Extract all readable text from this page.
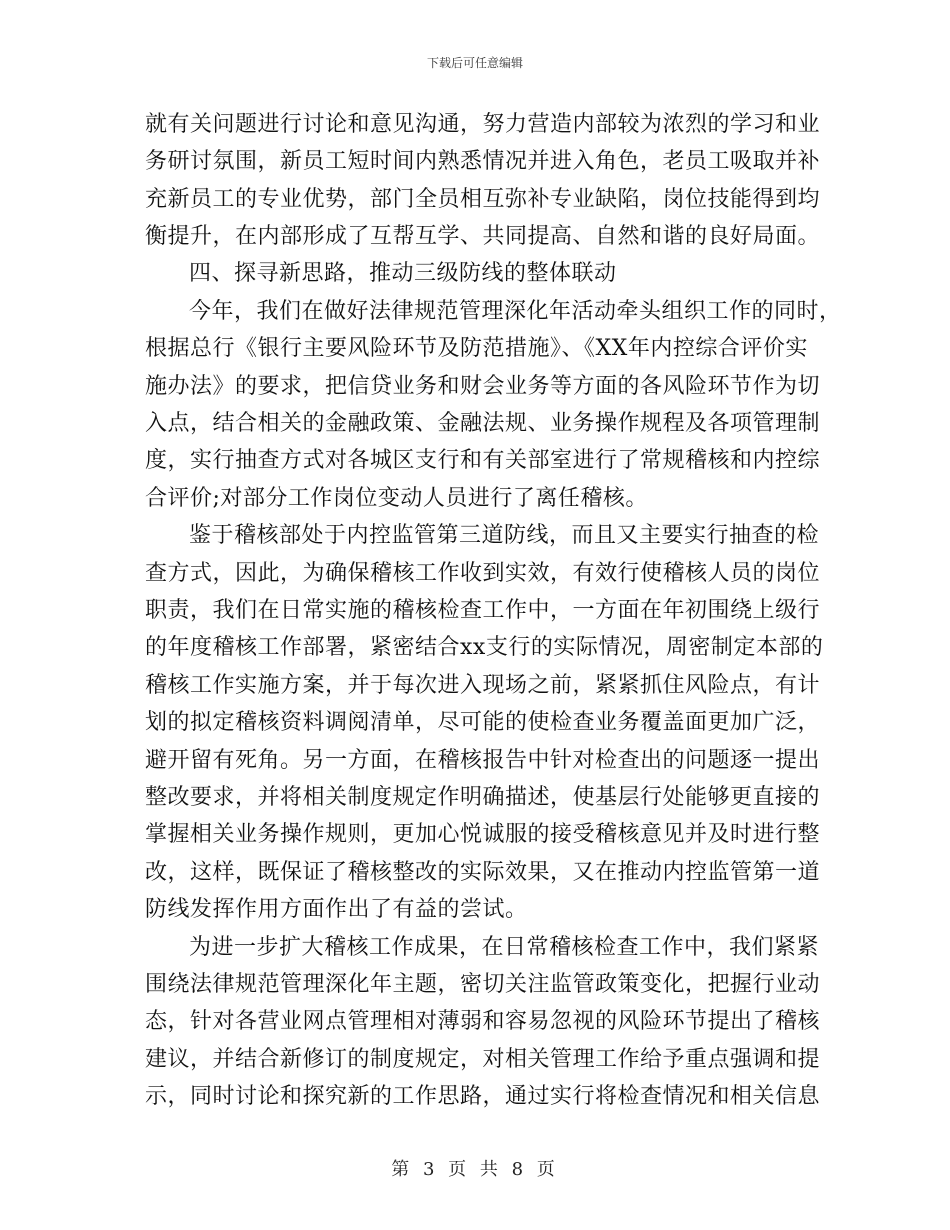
下载后可任意编辑
就有关问题进行讨论和意见沟通，努力营造内部较为浓烈的学习和业
务研讨氛围，新员工短时间内熟悉情况并进入角色，老员工吸取并补
充新员工的专业优势，部门全员相互弥补专业缺陷，岗位技能得到均
衡提升，在内部形成了互帮互学、共同提高、自然和谐的良好局面。
四、探寻新思路，推动三级防线的整体联动
今年，我们在做好法律规范管理深化年活动牵头组织工作的同时，
根据总行《银行主要风险环节及防范措施》、《XX年内控综合评价实
施办法》的要求，把信贷业务和财会业务等方面的各风险环节作为切
入点，结合相关的金融政策、金融法规、业务操作规程及各项管理制
度，实行抽查方式对各城区支行和有关部室进行了常规稽核和内控综
合评价;对部分工作岗位变动人员进行了离任稽核。
鉴于稽核部处于内控监管第三道防线，而且又主要实行抽查的检
查方式，因此，为确保稽核工作收到实效，有效行使稽核人员的岗位
职责，我们在日常实施的稽核检查工作中，一方面在年初围绕上级行
的年度稽核工作部署，紧密结合xx支行的实际情况，周密制定本部的
稽核工作实施方案，并于每次进入现场之前，紧紧抓住风险点，有计
划的拟定稽核资料调阅清单，尽可能的使检查业务覆盖面更加广泛，
避开留有死角。另一方面，在稽核报告中针对检查出的问题逐一提出
整改要求，并将相关制度规定作明确描述，使基层行处能够更直接的
掌握相关业务操作规则，更加心悦诚服的接受稽核意见并及时进行整
改，这样，既保证了稽核整改的实际效果，又在推动内控监管第一道
防线发挥作用方面作出了有益的尝试。
为进一步扩大稽核工作成果，在日常稽核检查工作中，我们紧紧
围绕法律规范管理深化年主题，密切关注监管政策变化，把握行业动
态，针对各营业网点管理相对薄弱和容易忽视的风险环节提出了稽核
建议，并结合新修订的制度规定，对相关管理工作给予重点强调和提
示，同时讨论和探究新的工作思路，通过实行将检查情况和相关信息
第 3 页 共 8 页
